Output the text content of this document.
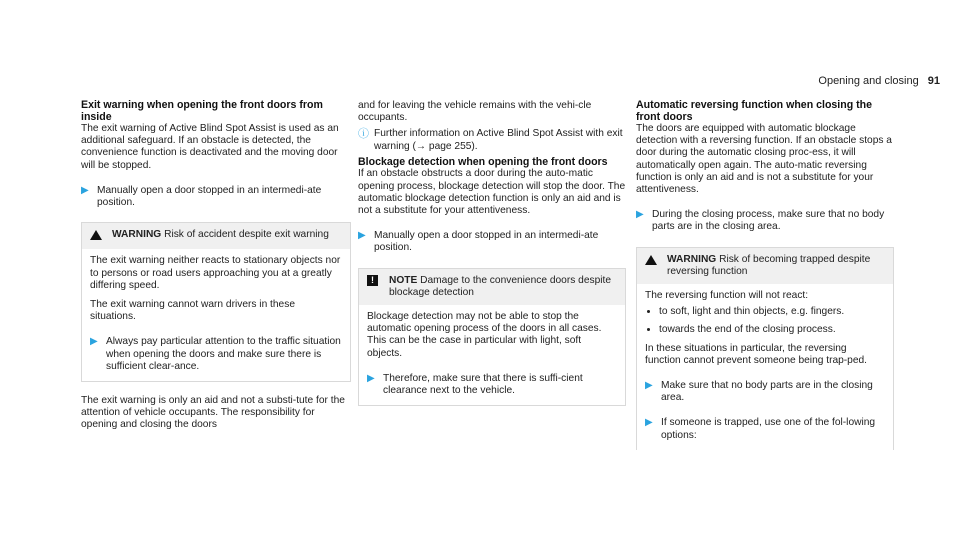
Opening and closing 91
Exit warning when opening the front doors from inside

The exit warning of Active Blind Spot Assist is used as an additional safeguard. If an obstacle is detected, the convenience function is deactivated and the moving door will be stopped.

▶ Manually open a door stopped in an intermedi-ate position.
WARNING Risk of accident despite exit warning

The exit warning neither reacts to stationary objects nor to persons or road users approaching you at a greatly differing speed.

The exit warning cannot warn drivers in these situations.

▶ Always pay particular attention to the traffic situation when opening the doors and make sure there is sufficient clear-ance.

The exit warning is only an aid and not a substi-tute for the attention of vehicle occupants. The responsibility for opening and closing the doors

and for leaving the vehicle remains with the vehi-cle occupants.

ⓘ Further information on Active Blind Spot Assist with exit warning (→ page 255).
Blockage detection when opening the front doors

If an obstacle obstructs a door during the auto-matic opening process, blockage detection will stop the door. The automatic blockage detection function is only an aid and is not a substitute for your attentiveness.

▶ Manually open a door stopped in an intermedi-ate position.
!	NOTE Damage to the convenience doors despite blockage detection

Blockage detection may not be able to stop the automatic opening process of the doors in all cases. This can be the case in particular with light, soft objects.

▶ Therefore, make sure that there is suffi-cient clearance next to the vehicle.
Automatic reversing function when closing the front doors

The doors are equipped with automatic blockage detection with a reversing function. If an obstacle stops a door during the automatic closing proc-ess, it will automatically open again. The auto-matic reversing function is only an aid and is not a substitute for your attentiveness.

▶ During the closing process, make sure that no body parts are in the closing area.
WARNING Risk of becoming trapped despite reversing function

The reversing function will not react:

• to soft, light and thin objects, e.g. fingers.
• towards the end of the closing process.

In these situations in particular, the reversing function cannot prevent someone being trap-ped.

▶ Make sure that no body parts are in the closing area.
▶ If someone is trapped, use one of the fol-lowing options:
